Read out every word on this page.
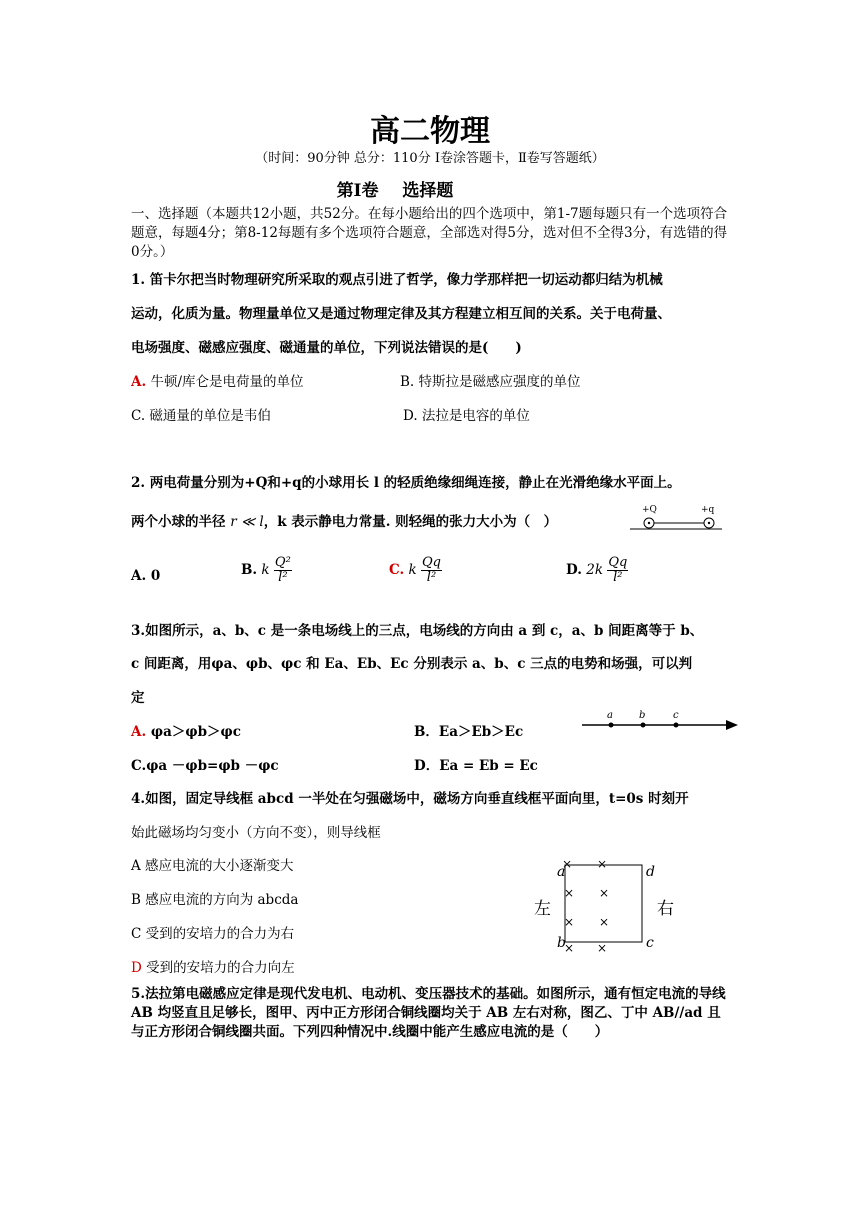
高二物理
（时间：90分钟 总分：110分 Ⅰ卷涂答题卡，Ⅱ卷写答题纸）
第Ⅰ卷 选择题
一、选择题（本题共12小题，共52分。在每小题给出的四个选项中，第1-7题每题只有一个选项符合题意，每题4分；第8-12每题有多个选项符合题意，全部选对得5分，选对但不全得3分，有选错的得0分。）
1. 笛卡尔把当时物理研究所采取的观点引进了哲学，像力学那样把一切运动都归结为机械
运动，化质为量。物理量单位又是通过物理定律及其方程建立相互间的关系。关于电荷量、
电场强度、磁感应强度、磁通量的单位，下列说法错误的是(　　)
A. 牛顿/库仑是电荷量的单位	B. 特斯拉是磁感应强度的单位
C. 磁通量的单位是韦伯	D. 法拉是电容的单位
2. 两电荷量分别为+Q和+q的小球用长 l 的轻质绝缘细绳连接，静止在光滑绝缘水平面上。
两个小球的半径 r ≪ l，k 表示静电力常量. 则轻绳的张力大小为（　）
+Q	+q
A. 0	B. k $\frac{\text{Q²}}{\text{l²}}$	C. k $\frac{Qq}{\text{l²}}$	D. $2k \frac{Qq}{\text{l²}}$
3.如图所示，a、b、c 是一条电场线上的三点，电场线的方向由 a 到 c，a、b 间距离等于 b、
c 间距离，用φa、φb、φc 和 Ea、Eb、Ec 分别表示 a、b、c 三点的电势和场强，可以判
定
A. φa＞φb＞φc	B．Ea＞Eb＞Ec
C.φa －φb=φb －φc	D．Ea = Eb = Ec
a	b	c
4.如图，固定导线框 abcd 一半处在匀强磁场中，磁场方向垂直线框平面向里，t=0s 时刻开
始此磁场均匀变小（方向不变），则导线框
A 感应电流的大小逐渐变大
B 感应电流的方向为 abcda
C 受到的安培力的合力为右
D 受到的安培力的合力向左
× ×
× ×
× ×
× ×
左	右
a
b	c
d
5.法拉第电磁感应定律是现代发电机、电动机、变压器技术的基础。如图所示，通有恒定电流的导线 AB 均竖直且足够长，图甲、丙中正方形闭合铜线圈均关于 AB 左右对称，图乙、丁中 AB//ad 且与正方形闭合铜线圈共面。下列四种情况中.线圈中能产生感应电流的是（　　）
